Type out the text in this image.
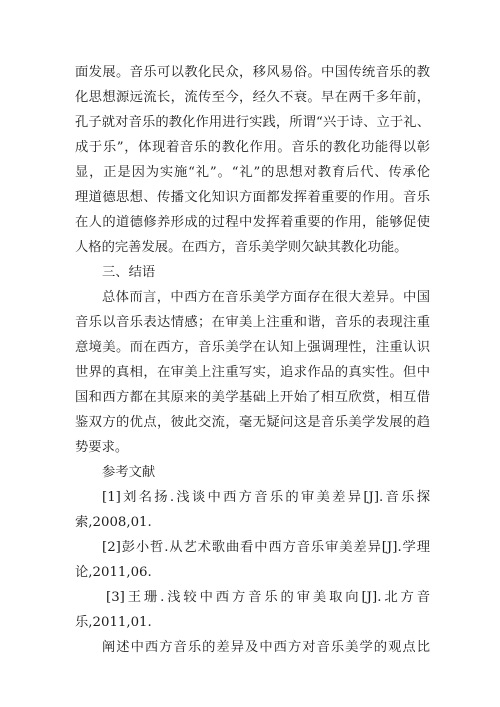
面发展。音乐可以教化民众，移风易俗。中国传统音乐的教
化思想源远流长，流传至今，经久不衰。早在两千多年前，
孔子就对音乐的教化作用进行实践，所谓“兴于诗、立于礼、
成于乐”，体现着音乐的教化作用。音乐的教化功能得以彰
显，正是因为实施“礼”。“礼”的思想对教育后代、传承伦
理道德思想、传播文化知识方面都发挥着重要的作用。音乐
在人的道德修养形成的过程中发挥着重要的作用，能够促使
人格的完善发展。在西方，音乐美学则欠缺其教化功能。
三、结语
总体而言，中西方在音乐美学方面存在很大差异。中国
音乐以音乐表达情感；在审美上注重和谐，音乐的表现注重
意境美。而在西方，音乐美学在认知上强调理性，注重认识
世界的真相，在审美上注重写实，追求作品的真实性。但中
国和西方都在其原来的美学基础上开始了相互欣赏，相互借
鉴双方的优点，彼此交流，毫无疑问这是音乐美学发展的趋
势要求。
参考文献
[1]刘名扬.浅谈中西方音乐的审美差异[J].音乐探
索,2008,01.
[2]彭小哲.从艺术歌曲看中西方音乐审美差异[J].学理
论,2011,06.
[3]王珊.浅较中西方音乐的审美取向[J].北方音
乐,2011,01.
阐述中西方音乐的差异及中西方对音乐美学的观点比
